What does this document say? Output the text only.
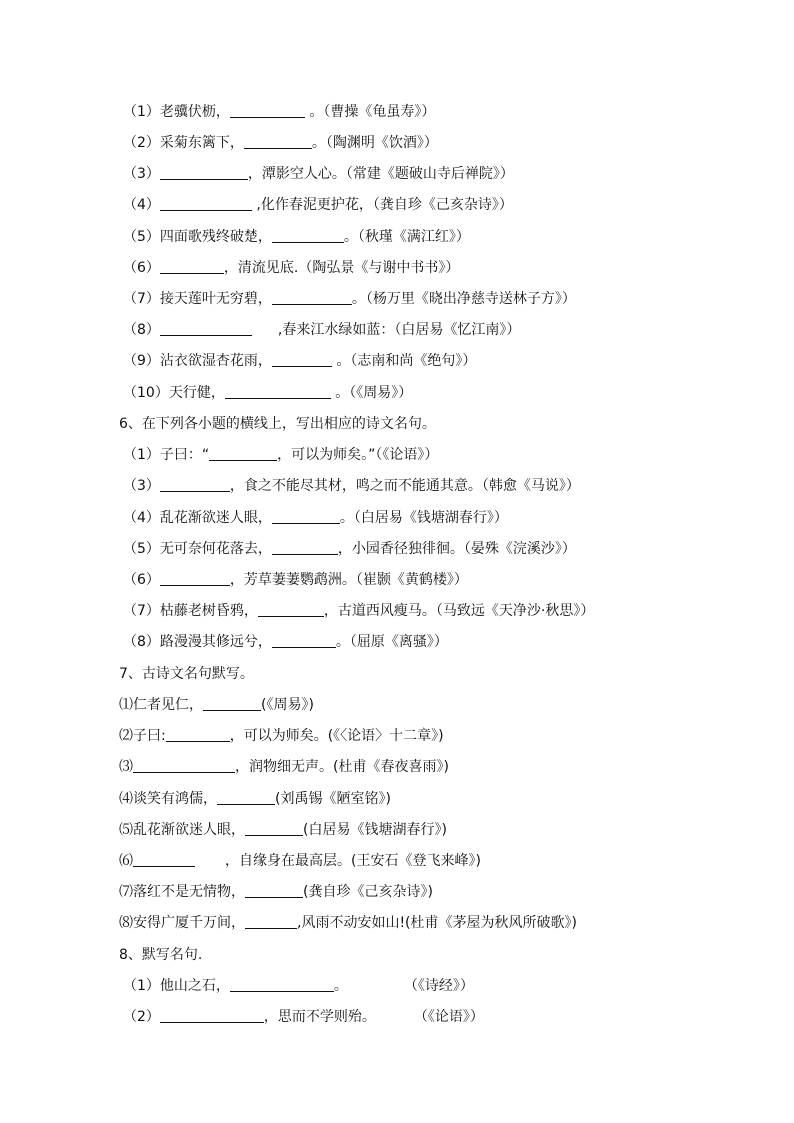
（1）老骥伏枥，	。（曹操《龟虽寿》）
（2）采菊东篱下，	。（陶渊明《饮酒》）
（3）	，潭影空人心。（常建《题破山寺后禅院》）
（4）	,化作春泥更护花，（龚自珍《己亥杂诗》）
（5）四面歌残终破楚，	。（秋瑾《满江红》）
（6）	，清流见底.（陶弘景《与谢中书书》）
（7）接天莲叶无穷碧，	。（杨万里《晓出净慈寺送林子方》）
（8）	,春来江水绿如蓝：（白居易《忆江南》）
（9）沾衣欲湿杏花雨，	。（志南和尚《绝句》）
（10）天行健，	。（《周易》）
6、在下列各小题的横线上，写出相应的诗文名句。
（1）子曰：“	，可以为师矣。”（《论语》）
（3）	，食之不能尽其材，鸣之而不能通其意。（韩愈《马说》）
（4）乱花渐欲迷人眼，	。（白居易《钱塘湖春行》）
（5）无可奈何花落去，	，小园香径独徘徊。（晏殊《浣溪沙》）
（6）	，芳草萋萋鹦鹉洲。（崔颢《黄鹤楼》）
（7）枯藤老树昏鸦，	，古道西风瘦马。（马致远《天净沙·秋思》）
（8）路漫漫其修远兮，	。（屈原《离骚》）
7、古诗文名句默写。
⑴仁者见仁，	(《周易》)
⑵子曰:	，可以为师矣。(《〈论语〉十二章》)
⑶	，润物细无声。(杜甫《春夜喜雨》)
⑷谈笑有鸿儒，	(刘禹锡《陋室铭》)
⑸乱花渐欲迷人眼，	(白居易《钱塘湖春行》)
⑹	，自缘身在最高层。(王安石《登飞来峰》)
⑺落红不是无情物，	(龚自珍《己亥杂诗》)
⑻安得广厦千万间，	,风雨不动安如山!(杜甫《茅屋为秋风所破歌》)
8、默写名句.
（1）他山之石，	。	（《诗经》）
（2）	，思而不学则殆。	（《论语》）
